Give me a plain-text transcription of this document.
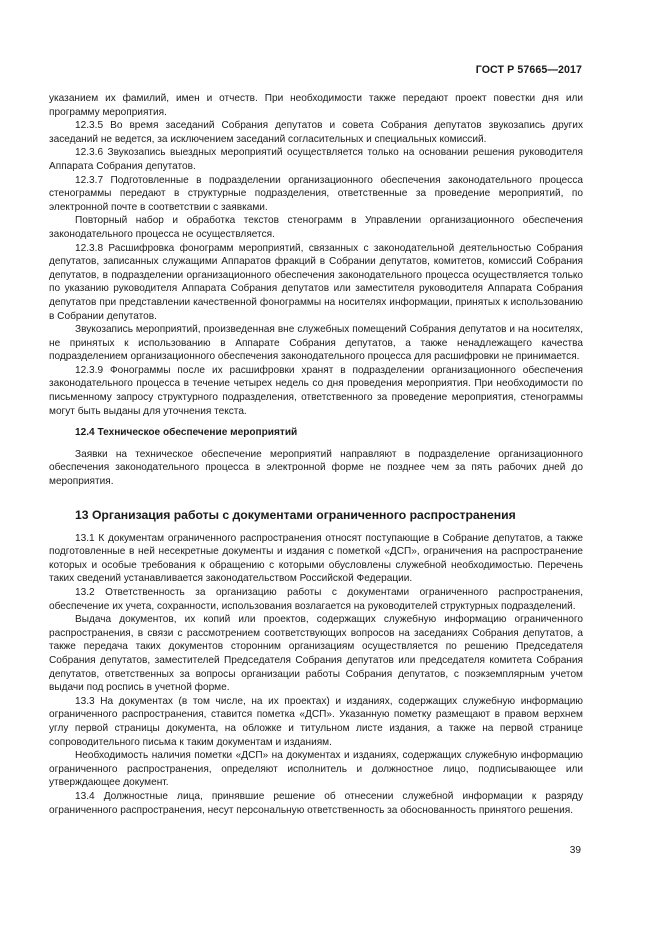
ГОСТ Р 57665—2017

указанием их фамилий, имен и отчеств. При необходимости также передают проект повестки дня или программу мероприятия.

12.3.5 Во время заседаний Собрания депутатов и совета Собрания депутатов звукозапись других заседаний не ведется, за исключением заседаний согласительных и специальных комиссий.

12.3.6 Звукозапись выездных мероприятий осуществляется только на основании решения руководителя Аппарата Собрания депутатов.

12.3.7 Подготовленные в подразделении организационного обеспечения законодательного процесса стенограммы передают в структурные подразделения, ответственные за проведение мероприятий, по электронной почте в соответствии с заявками.

Повторный набор и обработка текстов стенограмм в Управлении организационного обеспечения законодательного процесса не осуществляется.

12.3.8 Расшифровка фонограмм мероприятий, связанных с законодательной деятельностью Собрания депутатов, записанных служащими Аппаратов фракций в Собрании депутатов, комитетов, комиссий Собрания депутатов, в подразделении организационного обеспечения законодательного процесса осуществляется только по указанию руководителя Аппарата Собрания депутатов или заместителя руководителя Аппарата Собрания депутатов при представлении качественной фонограммы на носителях информации, принятых к использованию в Собрании депутатов.

Звукозапись мероприятий, произведенная вне служебных помещений Собрания депутатов и на носителях, не принятых к использованию в Аппарате Собрания депутатов, а также ненадлежащего качества подразделением организационного обеспечения законодательного процесса для расшифровки не принимается.

12.3.9 Фонограммы после их расшифровки хранят в подразделении организационного обеспечения законодательного процесса в течение четырех недель со дня проведения мероприятия. При необходимости по письменному запросу структурного подразделения, ответственного за проведение мероприятия, стенограммы могут быть выданы для уточнения текста.

12.4 Техническое обеспечение мероприятий

Заявки на техническое обеспечение мероприятий направляют в подразделение организационного обеспечения законодательного процесса в электронной форме не позднее чем за пять рабочих дней до мероприятия.

13 Организация работы с документами ограниченного распространения

13.1 К документам ограниченного распространения относят поступающие в Собрание депутатов, а также подготовленные в ней несекретные документы и издания с пометкой «ДСП», ограничения на распространение которых и особые требования к обращению с которыми обусловлены служебной необходимостью. Перечень таких сведений устанавливается законодательством Российской Федерации.

13.2 Ответственность за организацию работы с документами ограниченного распространения, обеспечение их учета, сохранности, использования возлагается на руководителей структурных подразделений.

Выдача документов, их копий или проектов, содержащих служебную информацию ограниченного распространения, в связи с рассмотрением соответствующих вопросов на заседаниях Собрания депутатов, а также передача таких документов сторонним организациям осуществляется по решению Председателя Собрания депутатов, заместителей Председателя Собрания депутатов или председателя комитета Собрания депутатов, ответственных за вопросы организации работы Собрания депутатов, с поэкземплярным учетом выдачи под роспись в учетной форме.

13.3 На документах (в том числе, на их проектах) и изданиях, содержащих служебную информацию ограниченного распространения, ставится пометка «ДСП». Указанную пометку размещают в правом верхнем углу первой страницы документа, на обложке и титульном листе издания, а также на первой странице сопроводительного письма к таким документам и изданиям.

Необходимость наличия пометки «ДСП» на документах и изданиях, содержащих служебную информацию ограниченного распространения, определяют исполнитель и должностное лицо, подписывающее или утверждающее документ.

13.4 Должностные лица, принявшие решение об отнесении служебной информации к разряду ограниченного распространения, несут персональную ответственность за обоснованность принятого решения.

39
